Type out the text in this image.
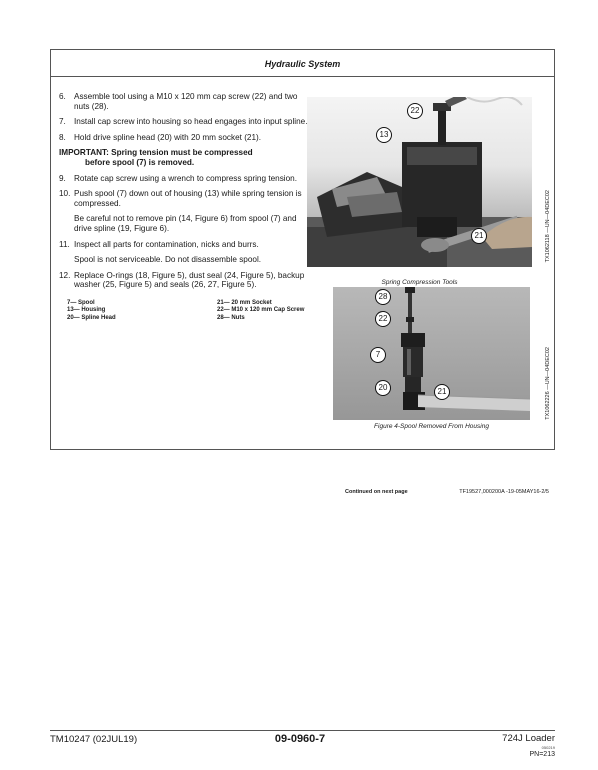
Hydraulic System
6. Assemble tool using a M10 x 120 mm cap screw (22) and two nuts (28).
7. Install cap screw into housing so head engages into input spline.
8. Hold drive spline head (20) with 20 mm socket (21).
IMPORTANT: Spring tension must be compressed
before spool (7) is removed.
9. Rotate cap screw using a wrench to compress spring tension.
10. Push spool (7) down out of housing (13) while spring tension is compressed.
Be careful not to remove pin (14, Figure 6) from spool (7) and drive spline (19, Figure 6).
11. Inspect all parts for contamination, nicks and burrs.
Spool is not serviceable. Do not disassemble spool.
12. Replace O-rings (18, Figure 5), dust seal (24, Figure 5), backup washer (25, Figure 5) and seals (26, 27, Figure 5).
7— Spool	21— 20 mm Socket
13— Housing	22— M10 x 120 mm Cap Screw
20— Spline Head	28— Nuts
Continued on next page	TF19527,000200A -19-05MAY16-2/5
22
13
21
Spring Compression Tools
TX1062118 —UN—04DEC02
28
22
7
20	21
Figure 4-Spool Removed From Housing
TX1062226 —UN—04DEC02
TM10247 (02JUL19)	09-0960-7	724J Loader
050219
PN=213
